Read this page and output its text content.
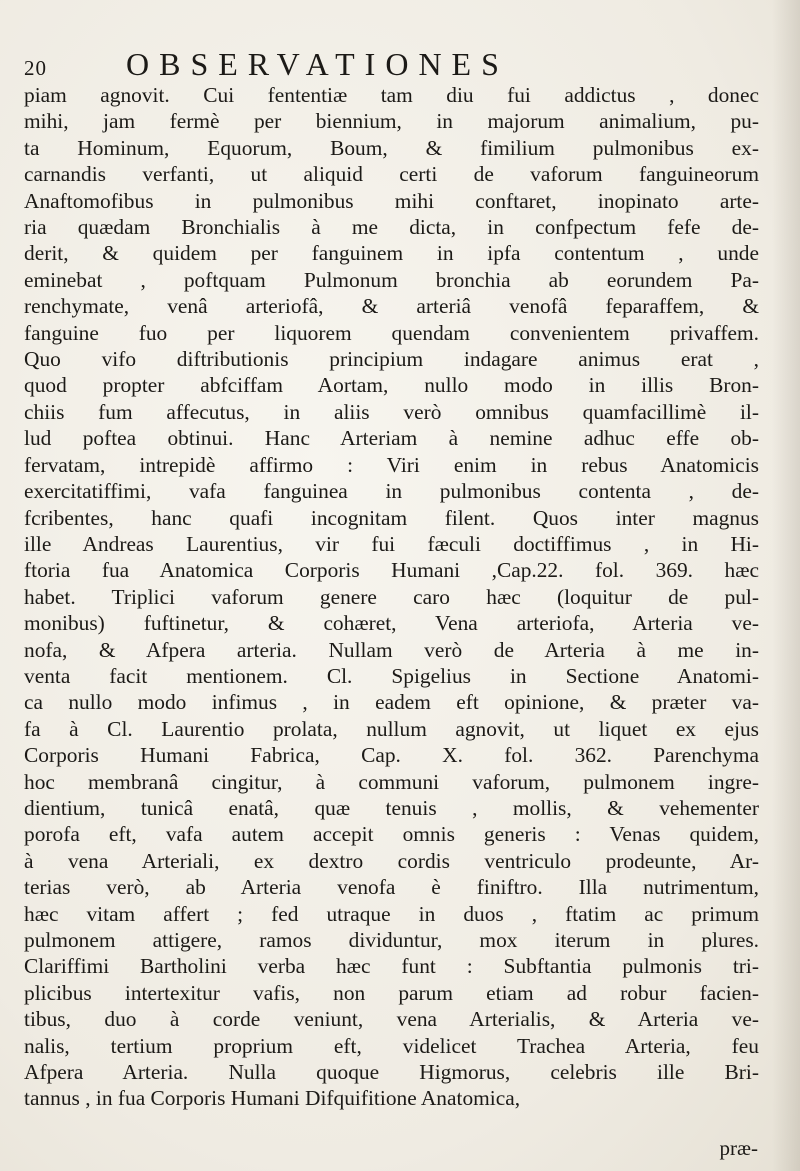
20 OBSERVATIONES
piam agnovit. Cui fententiæ tam diu fui addictus , donec
mihi, jam fermè per biennium, in majorum animalium, pu-
ta Hominum, Equorum, Boum, & fimilium pulmonibus ex-
carnandis verfanti, ut aliquid certi de vaforum fanguineorum
Anaftomofibus in pulmonibus mihi conftaret, inopinato arte-
ria quædam Bronchialis à me dicta, in confpectum fefe de-
derit, & quidem per fanguinem in ipfa contentum , unde
eminebat , poftquam Pulmonum bronchia ab eorundem Pa-
renchymate, venâ arteriofâ, & arteriâ venofâ feparaffem, &
fanguine fuo per liquorem quendam convenientem privaffem.
Quo vifo diftributionis principium indagare animus erat ,
quod propter abfciffam Aortam, nullo modo in illis Bron-
chiis fum affecutus, in aliis verò omnibus quamfacillimè il-
lud poftea obtinui. Hanc Arteriam à nemine adhuc effe ob-
fervatam, intrepidè affirmo : Viri enim in rebus Anatomicis
exercitatiffimi, vafa fanguinea in pulmonibus contenta , de-
fcribentes, hanc quafi incognitam filent. Quos inter magnus
ille Andreas Laurentius, vir fui fæculi doctiffimus , in Hi-
ftoria fua Anatomica Corporis Humani ,Cap.22. fol. 369. hæc
habet. Triplici vaforum genere caro hæc (loquitur de pul-
monibus) fuftinetur, & cohæret, Vena arteriofa, Arteria ve-
nofa, & Afpera arteria. Nullam verò de Arteria à me in-
venta facit mentionem. Cl. Spigelius in Sectione Anatomi-
ca nullo modo infimus , in eadem eft opinione, & præter va-
fa à Cl. Laurentio prolata, nullum agnovit, ut liquet ex ejus
Corporis Humani Fabrica, Cap. X. fol. 362. Parenchyma
hoc membranâ cingitur, à communi vaforum, pulmonem ingre-
dientium, tunicâ enatâ, quæ tenuis , mollis, & vehementer
porofa eft, vafa autem accepit omnis generis : Venas quidem,
à vena Arteriali, ex dextro cordis ventriculo prodeunte, Ar-
terias verò, ab Arteria venofa è finiftro. Illa nutrimentum,
hæc vitam affert ; fed utraque in duos , ftatim ac primum
pulmonem attigere, ramos dividuntur, mox iterum in plures.
Clariffimi Bartholini verba hæc funt : Subftantia pulmonis tri-
plicibus intertexitur vafis, non parum etiam ad robur facien-
tibus, duo à corde veniunt, vena Arterialis, & Arteria ve-
nalis, tertium proprium eft, videlicet Trachea Arteria, feu
Afpera Arteria. Nulla quoque Higmorus, celebris ille Bri-
tannus , in fua Corporis Humani Difquifitione Anatomica,
præ-
